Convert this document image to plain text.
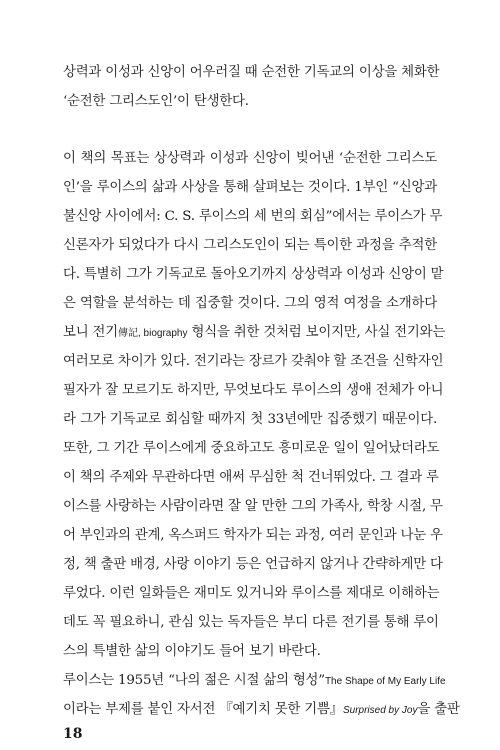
상력과 이성과 신앙이 어우러질 때 순전한 기독교의 이상을 체화한
‘순전한 그리스도인’이 탄생한다.
이 책의 목표는 상상력과 이성과 신앙이 빚어낸 ‘순전한 그리스도
인’을 루이스의 삶과 사상을 통해 살펴보는 것이다. 1부인 “신앙과
불신앙 사이에서: C. S. 루이스의 세 번의 회심”에서는 루이스가 무
신론자가 되었다가 다시 그리스도인이 되는 특이한 과정을 추적한
다. 특별히 그가 기독교로 돌아오기까지 상상력과 이성과 신앙이 맡
은 역할을 분석하는 데 집중할 것이다. 그의 영적 여정을 소개하다
보니 전기傳記, biography 형식을 취한 것처럼 보이지만, 사실 전기와는
여러모로 차이가 있다. 전기라는 장르가 갖춰야 할 조건을 신학자인
필자가 잘 모르기도 하지만, 무엇보다도 루이스의 생애 전체가 아니
라 그가 기독교로 회심할 때까지 첫 33년에만 집중했기 때문이다.
또한, 그 기간 루이스에게 중요하고도 흥미로운 일이 일어났더라도
이 책의 주제와 무관하다면 애써 무심한 척 건너뛰었다. 그 결과 루
이스를 사랑하는 사람이라면 잘 알 만한 그의 가족사, 학창 시절, 무
어 부인과의 관계, 옥스퍼드 학자가 되는 과정, 여러 문인과 나눈 우
정, 책 출판 배경, 사랑 이야기 등은 언급하지 않거나 간략하게만 다
루었다. 이런 일화들은 재미도 있거니와 루이스를 제대로 이해하는
데도 꼭 필요하니, 관심 있는 독자들은 부디 다른 전기를 통해 루이
스의 특별한 삶의 이야기도 들어 보기 바란다.
루이스는 1955년 “나의 젊은 시절 삶의 형성”The Shape of My Early Life
이라는 부제를 붙인 자서전 『예기치 못한 기쁨』Surprised by Joy을 출판
18
